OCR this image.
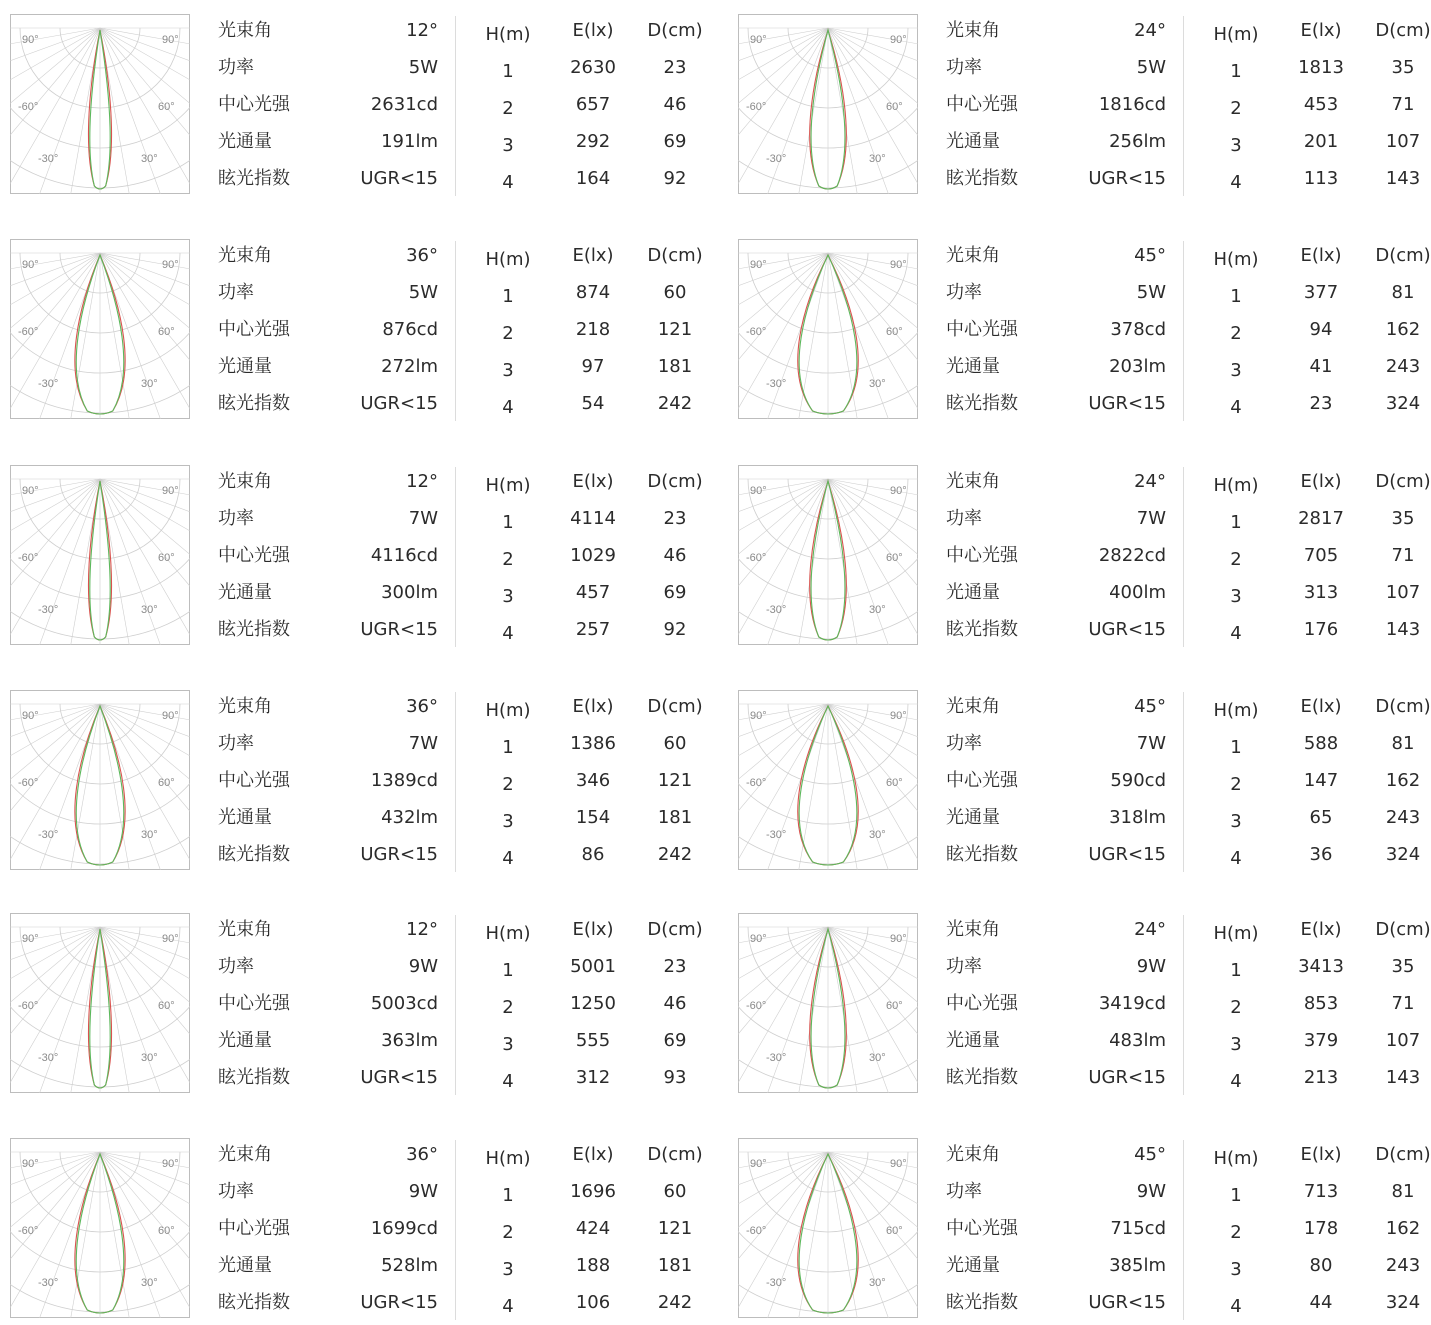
90°	90°
-60°	60°
-30°	30°
光束角	12°
功率	5W
中心光强	2631cd
光通量	191lm
眩光指数	UGR<15
H(m)	E(lx)	D(cm)
1	2630	23
2	657	46
3	292	69
4	164	92
90°	90°
-60°	60°
-30°	30°
光束角	24°
功率	5W
中心光强	1816cd
光通量	256lm
眩光指数	UGR<15
H(m)	E(lx)	D(cm)
1	1813	35
2	453	71
3	201	107
4	113	143
90°	90°
-60°	60°
-30°	30°
光束角	36°
功率	5W
中心光强	876cd
光通量	272lm
眩光指数	UGR<15
H(m)	E(lx)	D(cm)
1	874	60
2	218	121
3	97	181
4	54	242
90°	90°
-60°	60°
-30°	30°
光束角	45°
功率	5W
中心光强	378cd
光通量	203lm
眩光指数	UGR<15
H(m)	E(lx)	D(cm)
1	377	81
2	94	162
3	41	243
4	23	324
90°	90°
-60°	60°
-30°	30°
光束角	12°
功率	7W
中心光强	4116cd
光通量	300lm
眩光指数	UGR<15
H(m)	E(lx)	D(cm)
1	4114	23
2	1029	46
3	457	69
4	257	92
90°	90°
-60°	60°
-30°	30°
光束角	24°
功率	7W
中心光强	2822cd
光通量	400lm
眩光指数	UGR<15
H(m)	E(lx)	D(cm)
1	2817	35
2	705	71
3	313	107
4	176	143
90°	90°
-60°	60°
-30°	30°
光束角	36°
功率	7W
中心光强	1389cd
光通量	432lm
眩光指数	UGR<15
H(m)	E(lx)	D(cm)
1	1386	60
2	346	121
3	154	181
4	86	242
90°	90°
-60°	60°
-30°	30°
光束角	45°
功率	7W
中心光强	590cd
光通量	318lm
眩光指数	UGR<15
H(m)	E(lx)	D(cm)
1	588	81
2	147	162
3	65	243
4	36	324
90°	90°
-60°	60°
-30°	30°
光束角	12°
功率	9W
中心光强	5003cd
光通量	363lm
眩光指数	UGR<15
H(m)	E(lx)	D(cm)
1	5001	23
2	1250	46
3	555	69
4	312	93
90°	90°
-60°	60°
-30°	30°
光束角	24°
功率	9W
中心光强	3419cd
光通量	483lm
眩光指数	UGR<15
H(m)	E(lx)	D(cm)
1	3413	35
2	853	71
3	379	107
4	213	143
90°	90°
-60°	60°
-30°	30°
光束角	36°
功率	9W
中心光强	1699cd
光通量	528lm
眩光指数	UGR<15
H(m)	E(lx)	D(cm)
1	1696	60
2	424	121
3	188	181
4	106	242
90°	90°
-60°	60°
-30°	30°
光束角	45°
功率	9W
中心光强	715cd
光通量	385lm
眩光指数	UGR<15
H(m)	E(lx)	D(cm)
1	713	81
2	178	162
3	80	243
4	44	324
